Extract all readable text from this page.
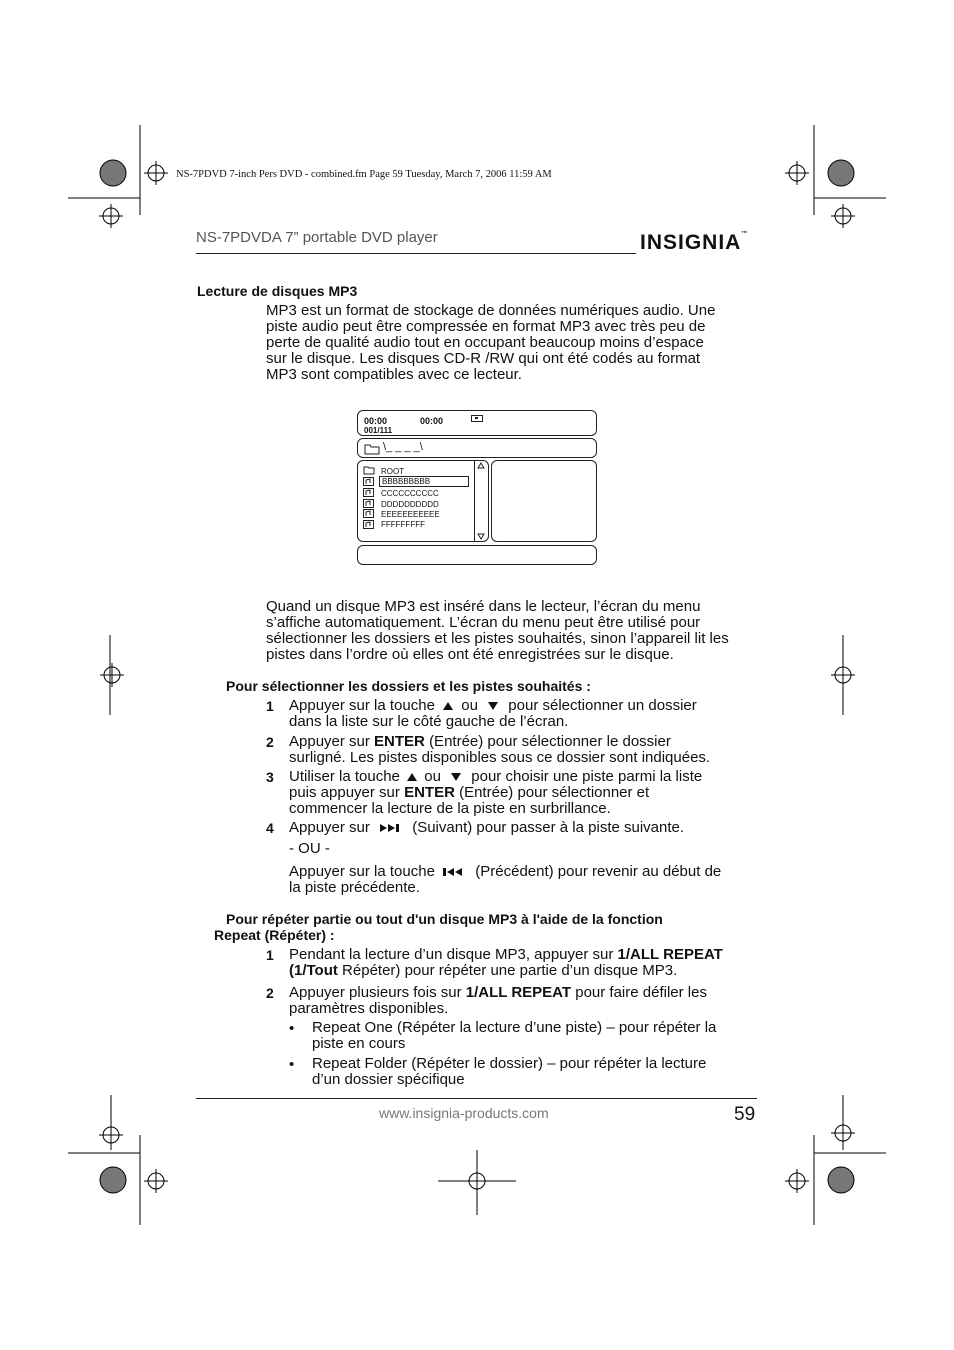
NS-7PDVD 7-inch Pers DVD - combined.fm Page 59 Tuesday, March 7, 2006 11:59 AM
NS-7PDVDA 7” portable DVD player	INSIGNIA™
Lecture de disques MP3
MP3 est un format de stockage de données numériques audio. Une
piste audio peut être compressée en format MP3 avec très peu de
perte de qualité audio tout en occupant beaucoup moins d’espace
sur le disque. Les disques CD-R /RW qui ont été codés au format
MP3 sont compatibles avec ce lecteur.
00:00	00:00
001/111
\_ _ _ _\
ROOT
BBBBBBBBB
CCCCCCCCCC
DDDDDDDDDD
EEEEEEEEEEE
FFFFFFFFF
Quand un disque MP3 est inséré dans le lecteur, l’écran du menu
s’affiche automatiquement. L’écran du menu peut être utilisé pour
sélectionner les dossiers et les pistes souhaités, sinon l’appareil lit les
pistes dans l’ordre où elles ont été enregistrées sur le disque.
Pour sélectionner les dossiers et les pistes souhaités :
1 Appuyer sur la touche ou pour sélectionner un dossier
dans la liste sur le côté gauche de l’écran.
2 Appuyer sur ENTER (Entrée) pour sélectionner le dossier
surligné. Les pistes disponibles sous ce dossier sont indiquées.
3 Utiliser la touche ou pour choisir une piste parmi la liste
puis appuyer sur ENTER (Entrée) pour sélectionner et
commencer la lecture de la piste en surbrillance.
4 Appuyer sur	(Suivant) pour passer à la piste suivante.
- OU -
Appuyer sur la touche	(Précédent) pour revenir au début de
la piste précédente.
Pour répéter partie ou tout d'un disque MP3 à l'aide de la fonction
Repeat (Répéter) :
1 Pendant la lecture d’un disque MP3, appuyer sur 1/ALL REPEAT
(1/Tout Répéter) pour répéter une partie d’un disque MP3.
2 Appuyer plusieurs fois sur 1/ALL REPEAT pour faire défiler les
paramètres disponibles.
• Repeat One (Répéter la lecture d’une piste) – pour répéter la
piste en cours
• Repeat Folder (Répéter le dossier) – pour répéter la lecture
d’un dossier spécifique
www.insignia-products.com	59
